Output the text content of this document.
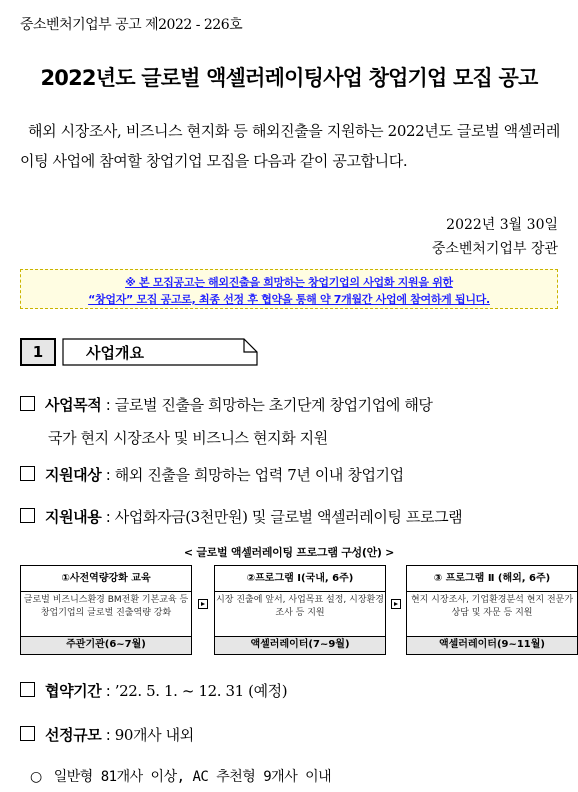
중소벤처기업부 공고 제2022 - 226호
2022년도 글로벌 액셀러레이팅사업 창업기업 모집 공고
해외 시장조사, 비즈니스 현지화 등 해외진출을 지원하는 2022년도 글로벌 액셀러레이팅 사업에 참여할 창업기업 모집을 다음과 같이 공고합니다.
2022년 3월 30일
중소벤처기업부 장관
※ 본 모집공고는 해외진출을 희망하는 창업기업의 사업화 지원을 위한
“창업자” 모집 공고로, 최종 선정 후 협약을 통해 약 7개월간 사업에 참여하게 됩니다.
1	사업개요
사업목적 : 글로벌 진출을 희망하는 초기단계 창업기업에 해당
국가 현지 시장조사 및 비즈니스 현지화 지원
지원대상 : 해외 진출을 희망하는 업력 7년 이내 창업기업
지원내용 : 사업화자금(3천만원) 및 글로벌 액셀러레이팅 프로그램
< 글로벌 액셀러레이팅 프로그램 구성(안) >
①사전역량강화 교육
글로벌 비즈니스환경 BM전환 기본교육 등 창업기업의 글로벌 진출역량 강화
주관기관(6~7월)
②프로그램 Ⅰ(국내, 6주)
시장 진출에 앞서, 사업목표 설정, 시장환경 조사 등 지원
액셀러레이터(7~9월)
③ 프로그램 Ⅱ (해외, 6주)
현지 시장조사, 기업환경분석 현지 전문가 상담 및 자문 등 지원
액셀러레이터(9~11월)
협약기간 : ’22. 5. 1. ~ 12. 31 (예정)
선정규모 : 90개사 내외
○ 일반형 81개사 이상, AC 추천형 9개사 이내
